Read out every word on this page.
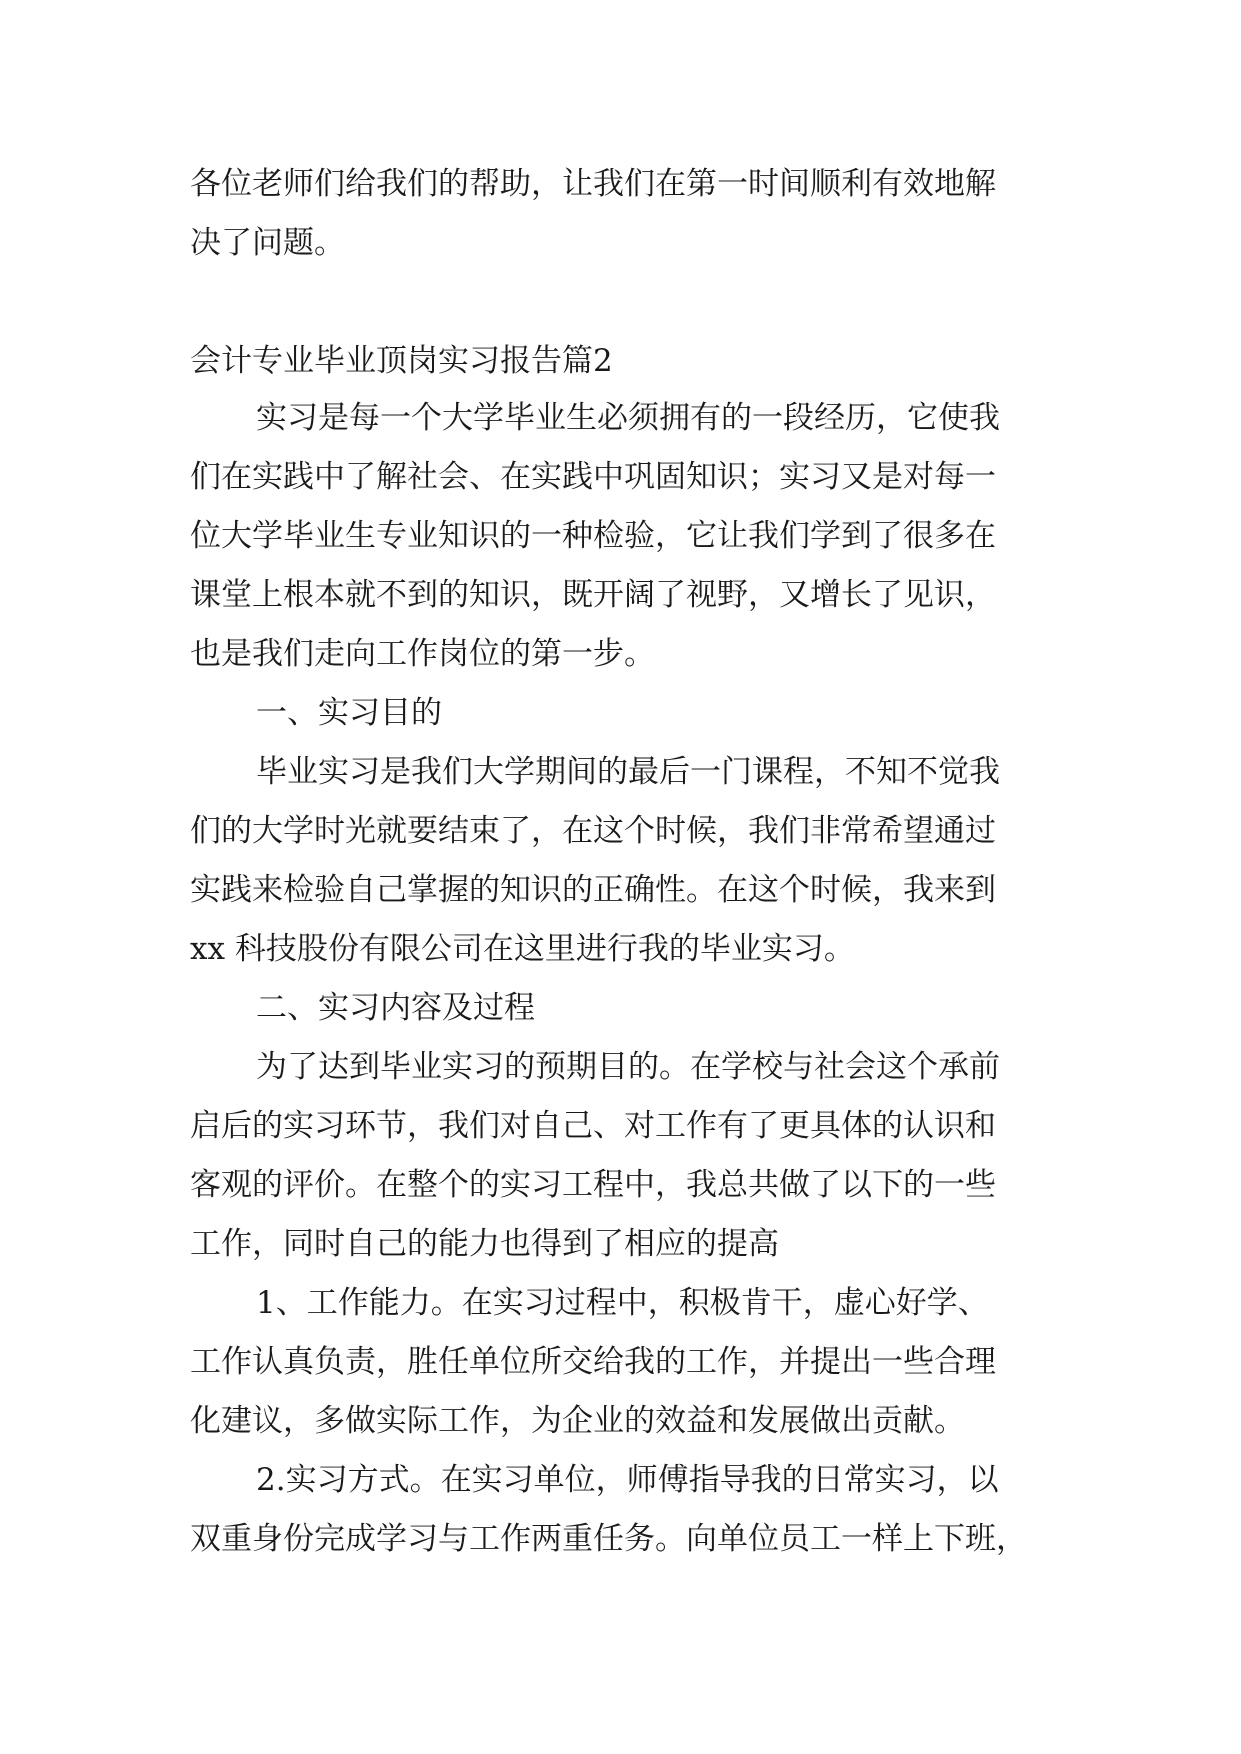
各位老师们给我们的帮助，让我们在第一时间顺利有效地解
决了问题。
会计专业毕业顶岗实习报告篇2
实习是每一个大学毕业生必须拥有的一段经历，它使我
们在实践中了解社会、在实践中巩固知识；实习又是对每一
位大学毕业生专业知识的一种检验，它让我们学到了很多在
课堂上根本就不到的知识，既开阔了视野，又增长了见识，
也是我们走向工作岗位的第一步。
一、实习目的
毕业实习是我们大学期间的最后一门课程，不知不觉我
们的大学时光就要结束了，在这个时候，我们非常希望通过
实践来检验自己掌握的知识的正确性。在这个时候，我来到
xx 科技股份有限公司在这里进行我的毕业实习。
二、实习内容及过程
为了达到毕业实习的预期目的。在学校与社会这个承前
启后的实习环节，我们对自己、对工作有了更具体的认识和
客观的评价。在整个的实习工程中，我总共做了以下的一些
工作，同时自己的能力也得到了相应的提高
1、工作能力。在实习过程中，积极肯干，虚心好学、
工作认真负责，胜任单位所交给我的工作，并提出一些合理
化建议，多做实际工作，为企业的效益和发展做出贡献。
2.实习方式。在实习单位，师傅指导我的日常实习，以
双重身份完成学习与工作两重任务。向单位员工一样上下班，
